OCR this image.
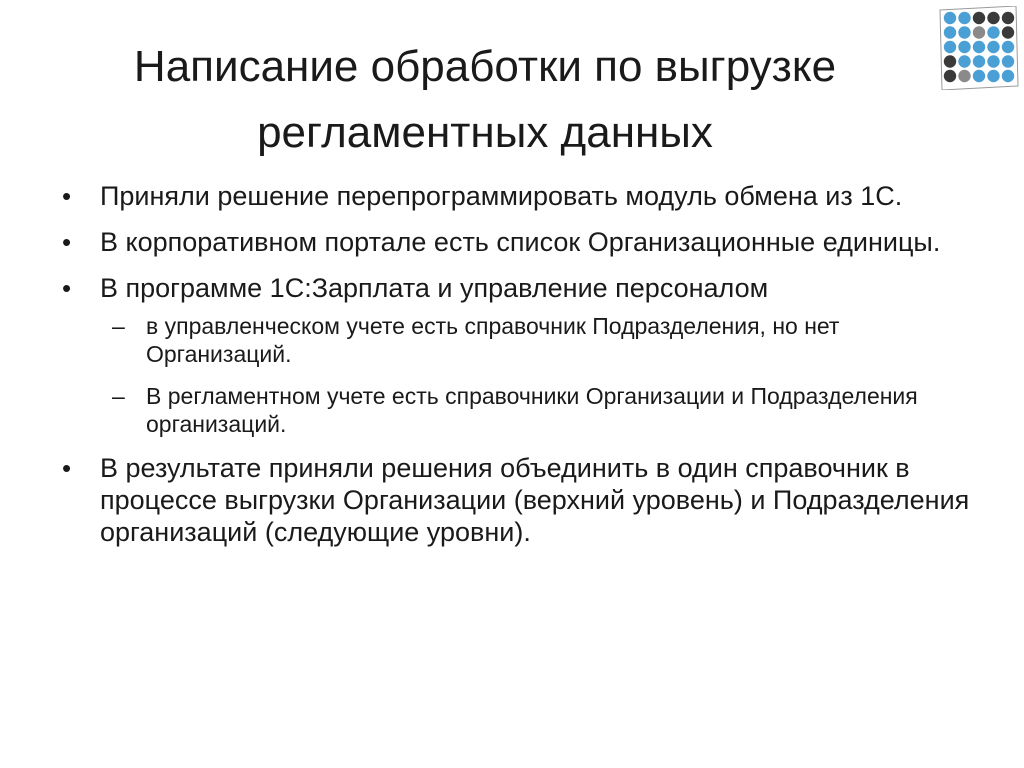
Написание обработки по выгрузке
регламентных данных
• Приняли решение перепрограммировать модуль обмена из 1С.
• В корпоративном портале есть список Организационные единицы.
• В программе 1С:Зарплата и управление персоналом
– в управленческом учете есть справочник Подразделения, но нет Организаций.
– В регламентном учете есть справочники Организации и Подразделения организаций.
• В результате приняли решения объединить в один справочник в процессе выгрузки Организации (верхний уровень) и Подразделения организаций (следующие уровни).
